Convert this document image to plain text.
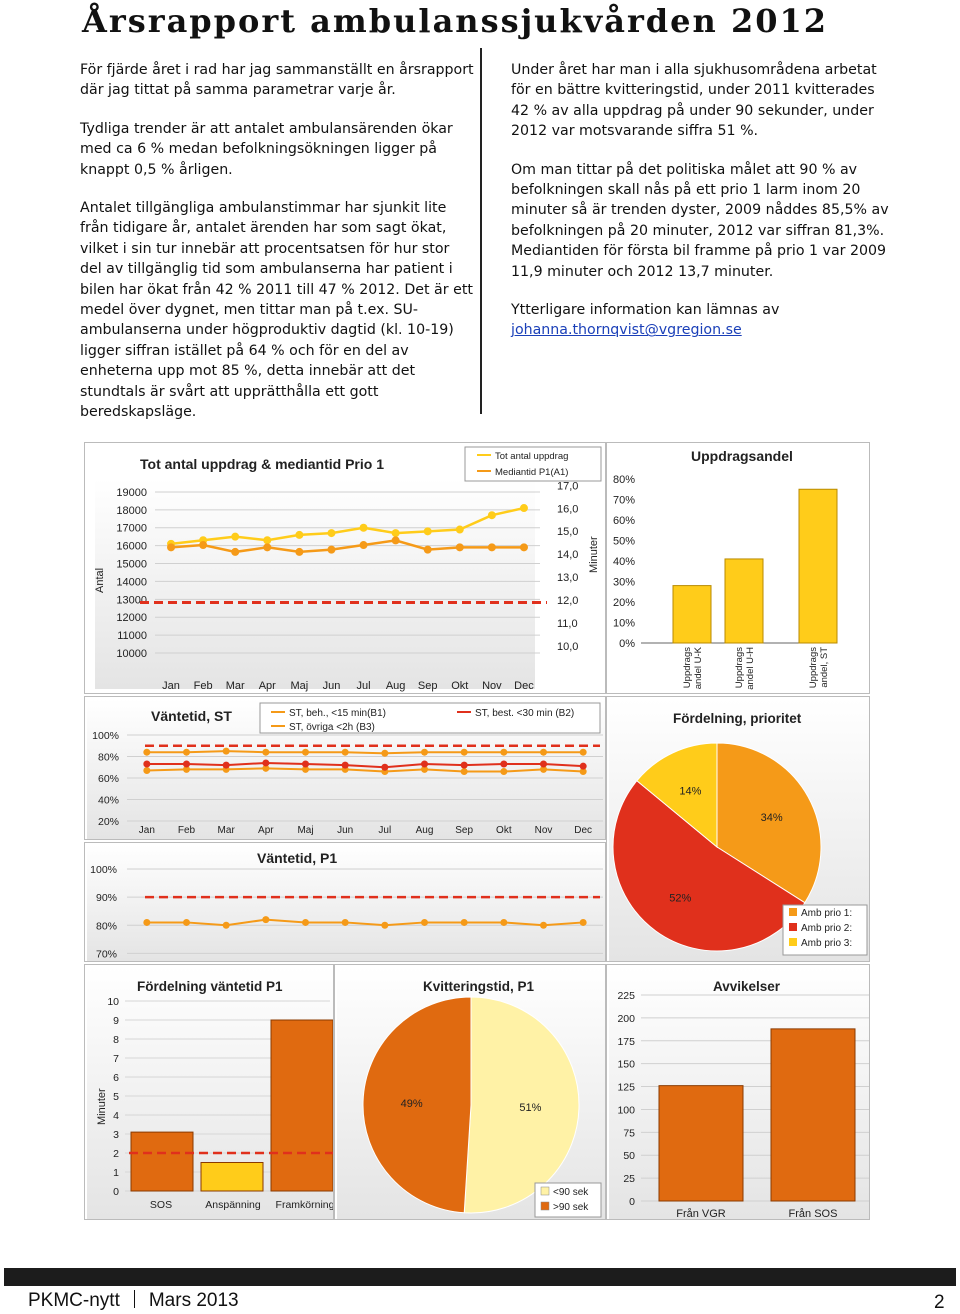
Årsrapport ambulanssjukvården 2012

För fjärde året i rad har jag sammanställt en årsrapport där jag tittat på samma parametrar varje år.

Tydliga trender är att antalet ambulansärenden ökar med ca 6 % medan befolkningsökningen ligger på knappt 0,5 % årligen.

Antalet tillgängliga ambulanstimmar har sjunkit lite från tidigare år, antalet ärenden har som sagt ökat, vilket i sin tur innebär att procentsatsen för hur stor del av tillgänglig tid som ambulanserna har patient i bilen har ökat från 42 % 2011 till 47 % 2012. Det är ett medel över dygnet, men tittar man på t.ex. SU-ambulanserna under högproduktiv dagtid (kl. 10-19) ligger siffran istället på 64 % och för en del av enheterna upp mot 85 %, detta innebär att det stundtals är svårt att upprätthålla ett gott beredskapsläge.

Under året har man i alla sjukhusområdena arbetat för en bättre kvitteringstid, under 2011 kvitterades 42 % av alla uppdrag på under 90 sekunder, under 2012 var motsvarande siffra 51 %.

Om man tittar på det politiska målet att 90 % av befolkningen skall nås på ett prio 1 larm inom 20 minuter så är trenden dyster, 2009 nåddes 85,5% av befolkningen på 20 minuter, 2012 var siffran 81,3%. Mediantiden för första bil framme på prio 1 var 2009 11,9 minuter och 2012 13,7 minuter.

Ytterligare information kan lämnas av

johanna.thornqvist@vgregion.se
Tot antal uppdrag & mediantid Prio 1	Tot antal uppdrag
Mediantid P1(A1)
19000
18000
17000
16000
15000
14000
13000
12000
11000
10000
17,0
16,0
15,0
14,0
13,0
12,0
11,0
10,0
Antal
Minuter
Jan Feb Mar Apr Maj Jun Jul Aug Sep Okt Nov Dec
Uppdragsandel
80%
70%
60%
50%
40%
30%
20%
10%
0%
Uppdragsandel U-K	Uppdragsandel U-H	Uppdragsandel, ST
Väntetid, ST	ST, beh., <15 min(B1)	ST, best. <30 min (B2)
ST, övriga <2h (B3)
100%
80%
60%
40%
20%
Jan Feb Mar Apr Maj Jun	Jul Aug Sep Okt Nov Dec
Väntetid, P1
100%
90%
80%
70%
Fördelning, prioritet
34%
52%
14%
Amb prio 1:
Amb prio 2:
Amb prio 3:
Fördelning väntetid P1
10
9
8
7
6
5
4
3
2
1
0
Minuter
SOS	Anspänning Framkörning
Kvitteringstid, P1
51%
49%
<90 sek
>90 sek
Avvikelser
225
200
175
150
125
100
75
50
25
0
Från VGR	Från SOS
PKMC-nytt Mars 2013	2
